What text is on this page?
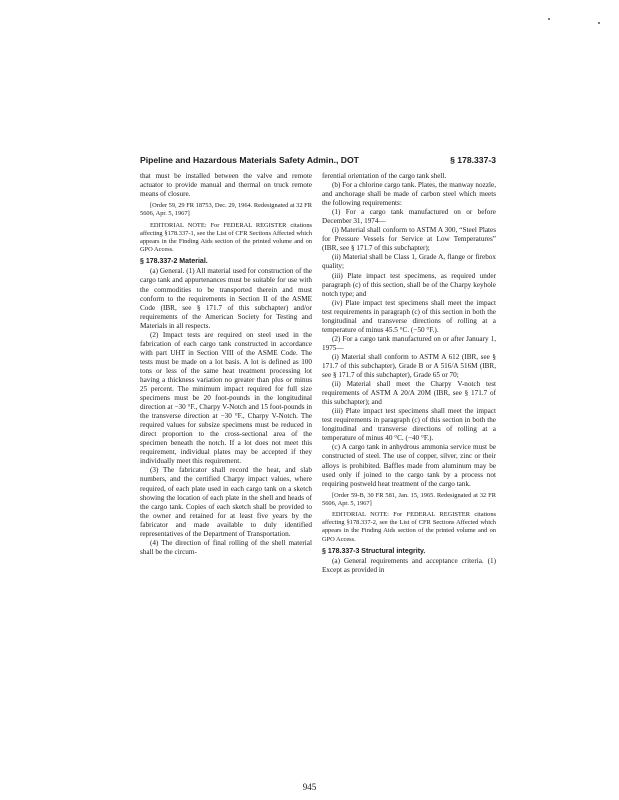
Pipeline and Hazardous Materials Safety Admin., DOT	§ 178.337-3

that must be installed between the valve and remote actuator to provide manual and thermal on truck remote means of closure.

[Order 59, 29 FR 18753, Dec. 29, 1964. Redesignated at 32 FR 5606, Apr. 5, 1967]

EDITORIAL NOTE: For FEDERAL REGISTER citations affecting §178.337-1, see the List of CFR Sections Affected which appears in the Finding Aids section of the printed volume and on GPO Access.

§ 178.337-2 Material.

(a) General. (1) All material used for construction of the cargo tank and appurtenances must be suitable for use with the commodities to be transported therein and must conform to the requirements in Section II of the ASME Code (IBR, see § 171.7 of this subchapter) and/or requirements of the American Society for Testing and Materials in all respects.

(2) Impact tests are required on steel used in the fabrication of each cargo tank constructed in accordance with part UHT in Section VIII of the ASME Code. The tests must be made on a lot basis. A lot is defined as 100 tons or less of the same heat treatment processing lot having a thickness variation no greater than plus or minus 25 percent. The minimum impact required for full size specimens must be 20 foot-pounds in the longitudinal direction at −30 °F., Charpy V-Notch and 15 foot-pounds in the transverse direction at −30 °F., Charpy V-Notch. The required values for subsize specimens must be reduced in direct proportion to the cross-sectional area of the specimen beneath the notch. If a lot does not meet this requirement, individual plates may be accepted if they individually meet this requirement.

(3) The fabricator shall record the heat, and slab numbers, and the certified Charpy impact values, where required, of each plate used in each cargo tank on a sketch showing the location of each plate in the shell and heads of the cargo tank. Copies of each sketch shall be provided to the owner and retained for at least five years by the fabricator and made available to duly identified representatives of the Department of Transportation.

(4) The direction of final rolling of the shell material shall be the circum-

ferential orientation of the cargo tank shell.

(b) For a chlorine cargo tank. Plates, the manway nozzle, and anchorage shall be made of carbon steel which meets the following requirements:

(1) For a cargo tank manufactured on or before December 31, 1974—

(i) Material shall conform to ASTM A 300, “Steel Plates for Pressure Vessels for Service at Low Temperatures” (IBR, see § 171.7 of this subchapter);

(ii) Material shall be Class 1, Grade A, flange or firebox quality;

(iii) Plate impact test specimens, as required under paragraph (c) of this section, shall be of the Charpy keyhole notch type; and

(iv) Plate impact test specimens shall meet the impact test requirements in paragraph (c) of this section in both the longitudinal and transverse directions of rolling at a temperature of minus 45.5 °C. (−50 °F.).

(2) For a cargo tank manufactured on or after January 1, 1975—

(i) Material shall conform to ASTM A 612 (IBR, see § 171.7 of this subchapter), Grade B or A 516/A 516M (IBR, see § 171.7 of this subchapter), Grade 65 or 70;

(ii) Material shall meet the Charpy V-notch test requirements of ASTM A 20/A 20M (IBR, see § 171.7 of this subchapter); and

(iii) Plate impact test specimens shall meet the impact test requirements in paragraph (c) of this section in both the longitudinal and transverse directions of rolling at a temperature of minus 40 °C. (−40 °F.).

(c) A cargo tank in anhydrous ammonia service must be constructed of steel. The use of copper, silver, zinc or their alloys is prohibited. Baffles made from aluminum may be used only if joined to the cargo tank by a process not requiring postweld heat treatment of the cargo tank.

[Order 59-B, 30 FR 581, Jan. 15, 1965. Redesignated at 32 FR 5606, Apr. 5, 1967]

EDITORIAL NOTE: For FEDERAL REGISTER citations affecting §178.337-2, see the List of CFR Sections Affected which appears in the Finding Aids section of the printed volume and on GPO Access.

§ 178.337-3 Structural integrity.

(a) General requirements and acceptance criteria. (1) Except as provided in

945
